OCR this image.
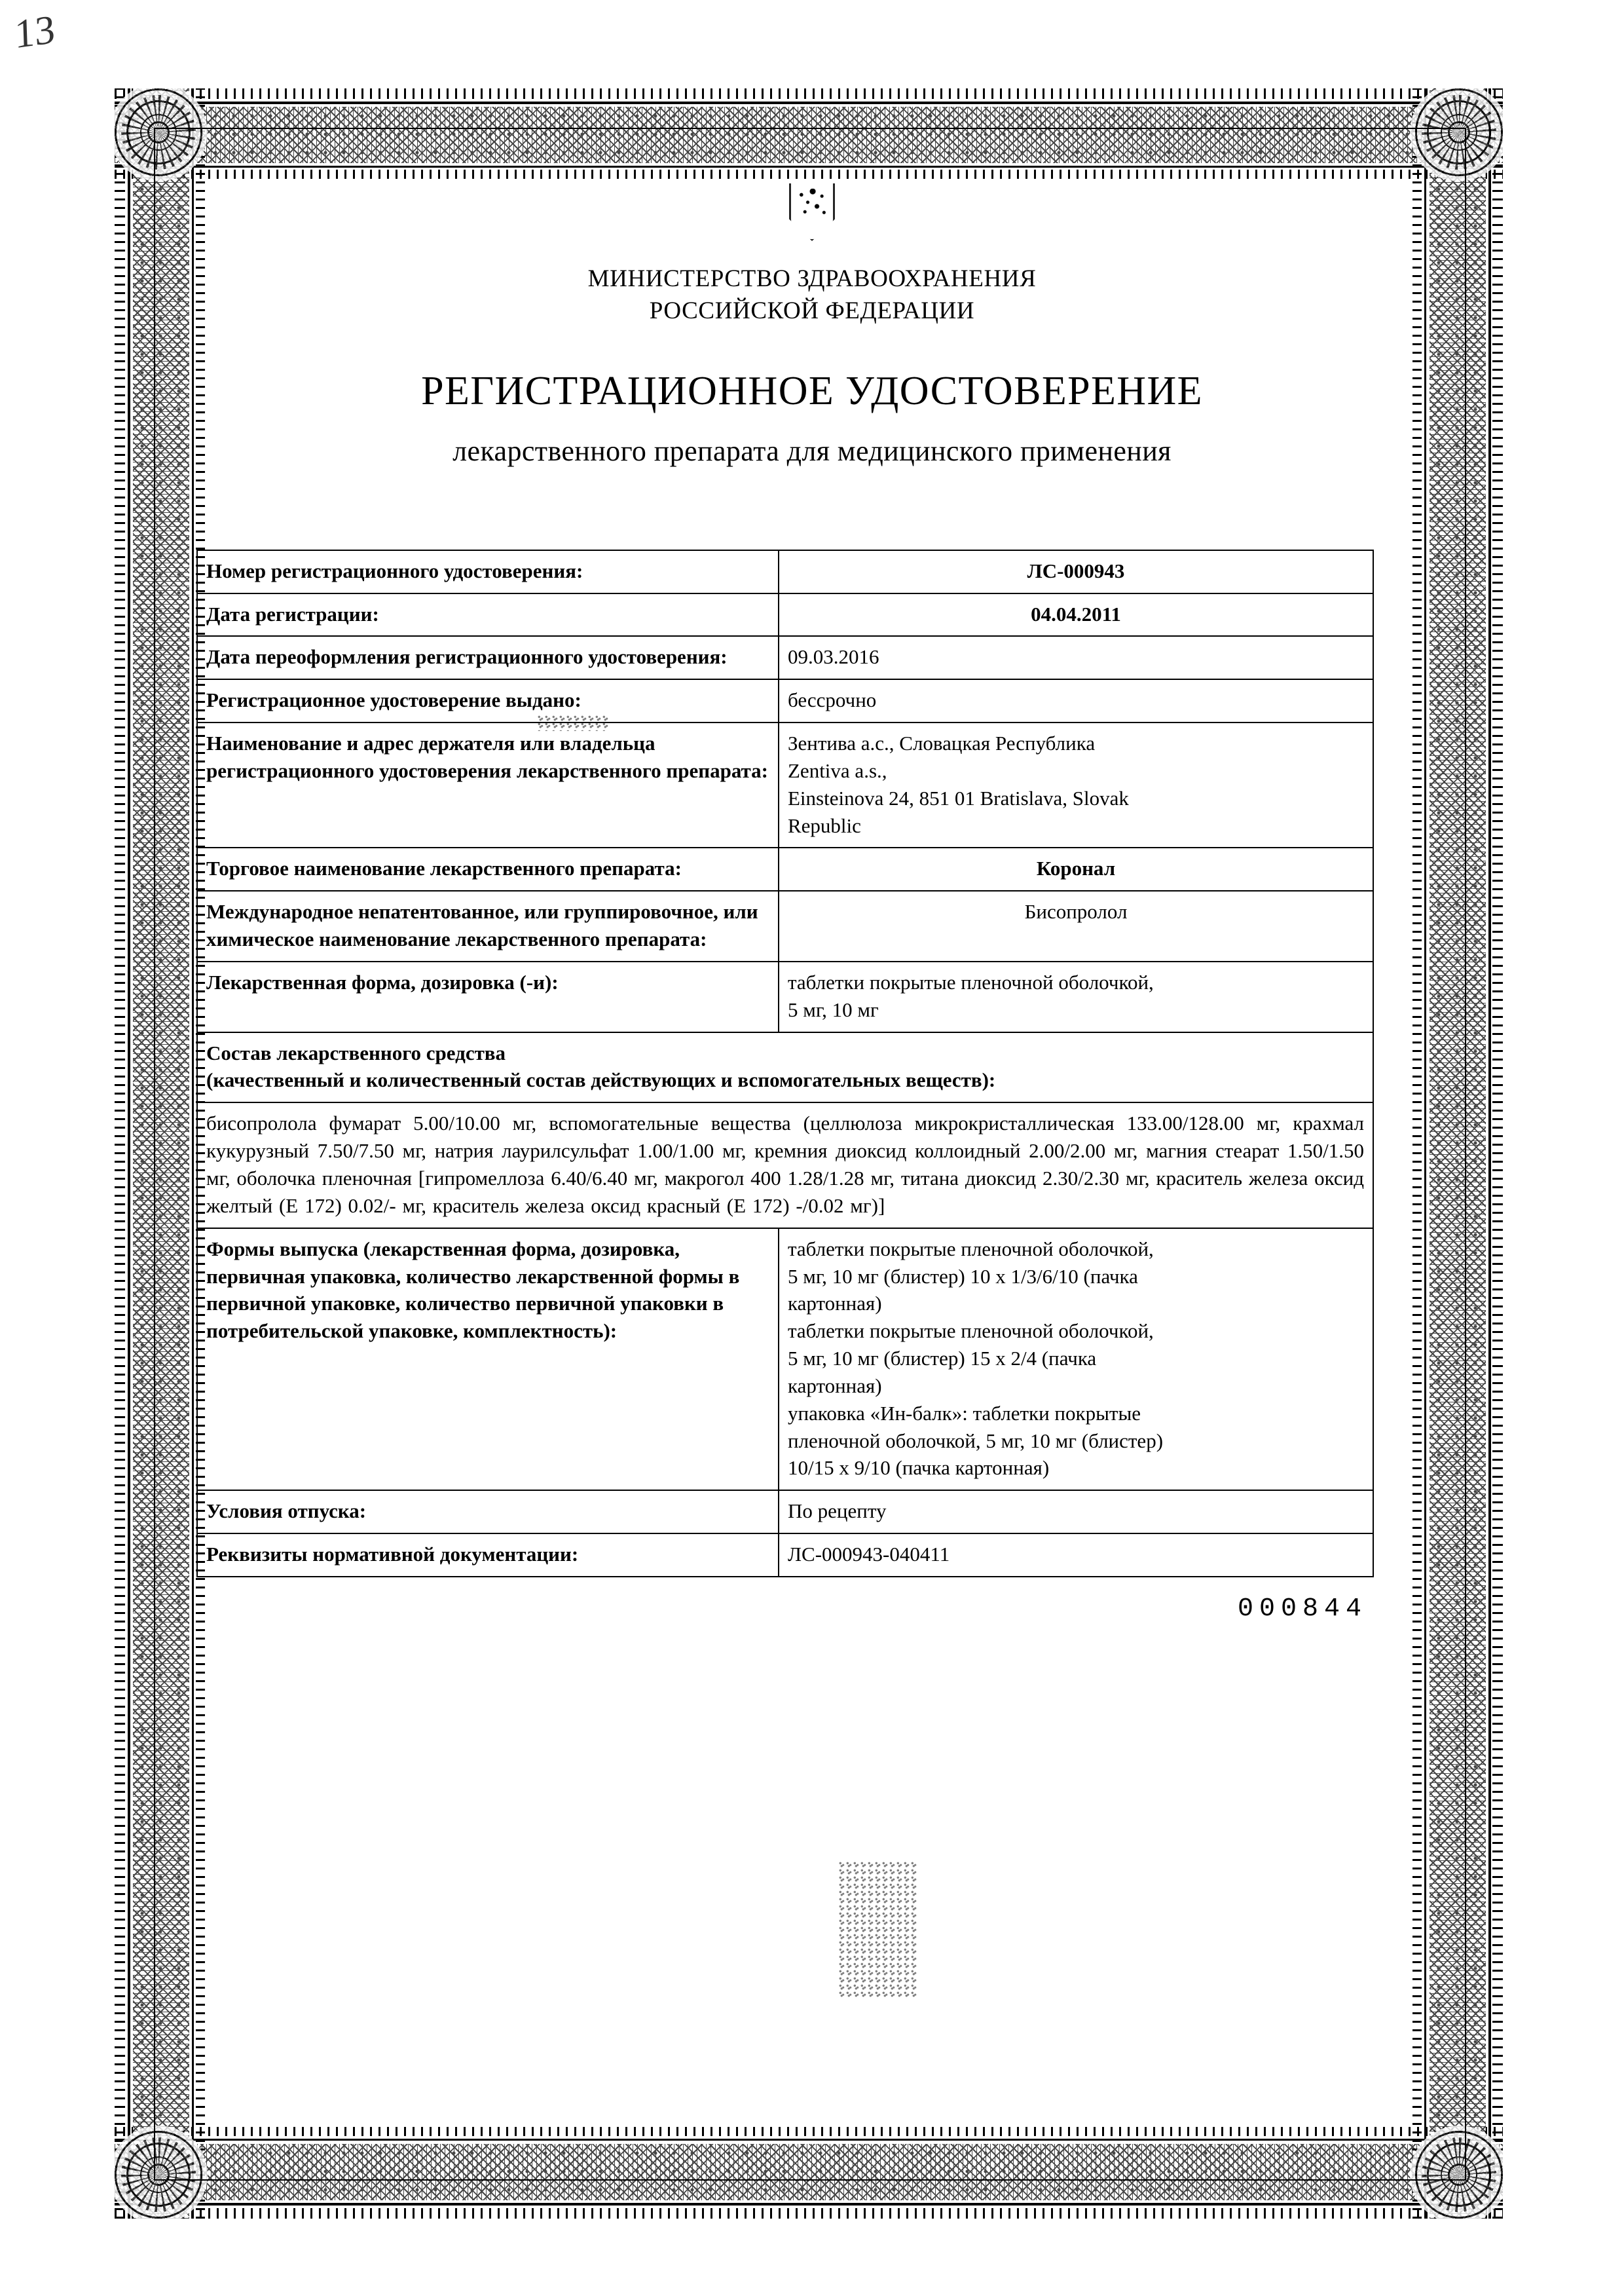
13
МИНИСТЕРСТВО ЗДРАВООХРАНЕНИЯ
РОССИЙСКОЙ ФЕДЕРАЦИИ
РЕГИСТРАЦИОННОЕ УДОСТОВЕРЕНИЕ
лекарственного препарата для медицинского применения
Номер регистрационного удостоверения:	ЛС-000943
Дата регистрации:	04.04.2011
Дата переоформления регистрационного удостоверения:	09.03.2016
Регистрационное удостоверение выдано:	бессрочно
Наименование и адрес держателя или владельца регистрационного удостоверения лекарственного препарата:	Зентива а.с., Словацкая Республика
Zentiva a.s.,
Einsteinova 24, 851 01 Bratislava, Slovak
Republic

Торговое наименование лекарственного препарата:	Коронал
Международное непатентованное, или группировочное, или химическое наименование лекарственного препарата:	Бисопролол
Лекарственная форма, дозировка (-и):	таблетки покрытые пленочной оболочкой,
5 мг, 10 мг

Состав лекарственного средства
(качественный и количественный состав действующих и вспомогательных веществ):	

бисопролола фумарат 5.00/10.00 мг, вспомогательные вещества (целлюлоза микрокристаллическая 133.00/128.00 мг, крахмал кукурузный 7.50/7.50 мг, натрия лаурилсульфат 1.00/1.00 мг, кремния диоксид коллоидный 2.00/2.00 мг, магния стеарат 1.50/1.50 мг, оболочка пленочная [гипромеллоза 6.40/6.40 мг, макрогол 400 1.28/1.28 мг, титана диоксид 2.30/2.30 мг, краситель железа оксид желтый (Е 172) 0.02/- мг, краситель железа оксид красный (Е 172) -/0.02 мг)]	
Формы выпуска (лекарственная форма, дозировка, первичная упаковка, количество лекарственной формы в первичной упаковке, количество первичной упаковки в потребительской упаковке, комплектность):	
таблетки покрытые пленочной оболочкой,
5 мг, 10 мг (блистер) 10 х 1/3/6/10 (пачка
картонная)
таблетки покрытые пленочной оболочкой,
5 мг, 10 мг (блистер) 15 х 2/4 (пачка
картонная)
упаковка «Ин-балк»: таблетки покрытые
пленочной оболочкой, 5 мг, 10 мг (блистер)
10/15 х 9/10 (пачка картонная)

Условия отпуска:	По рецепту
Реквизиты нормативной документации:	ЛС-000943-040411
000844
